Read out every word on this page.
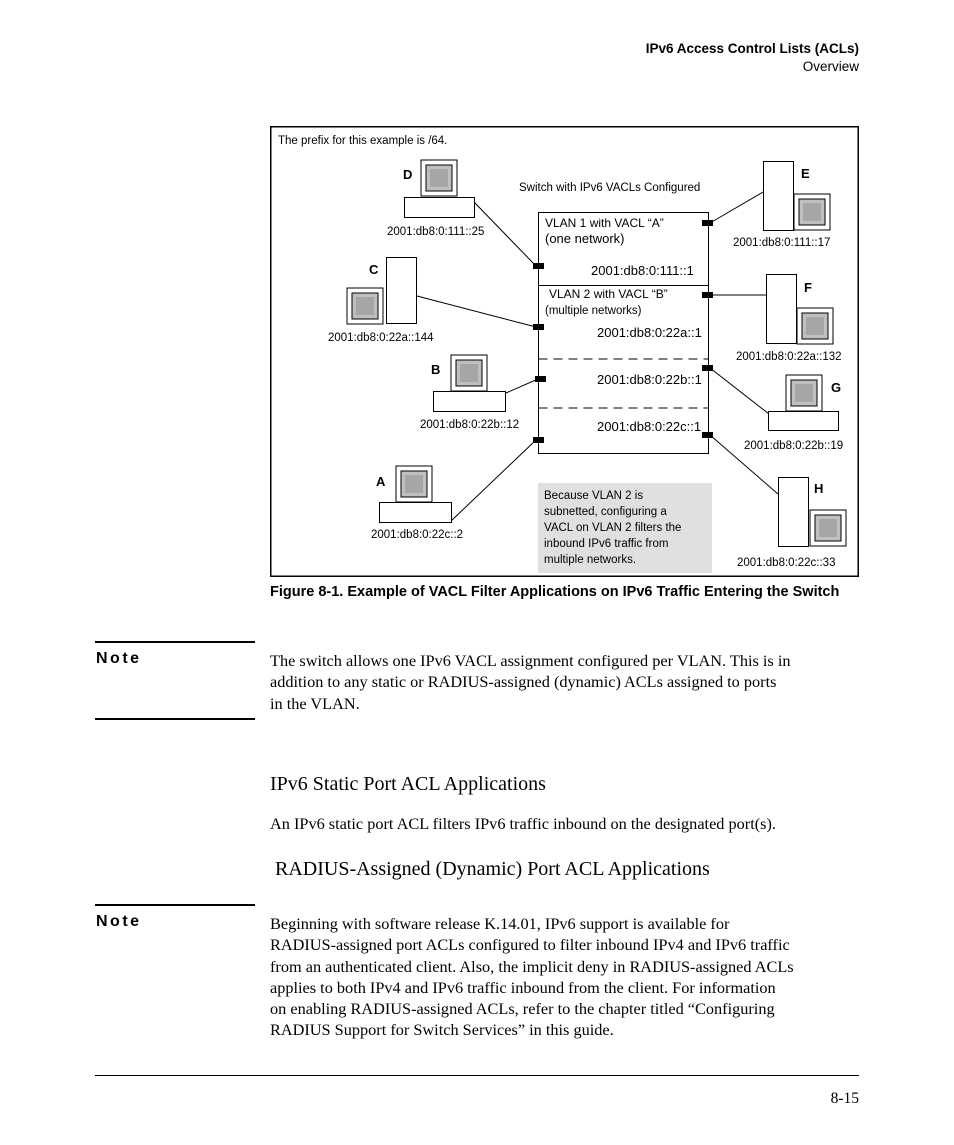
IPv6 Access Control Lists (ACLs)
Overview
The prefix for this example is /64.
Switch with IPv6 VACLs Configured
VLAN 1 with VACL “A”
(one network)
2001:db8:0:111::1
VLAN 2 with VACL “B”
(multiple networks)
2001:db8:0:22a::1
2001:db8:0:22b::1
2001:db8:0:22c::1
D
2001:db8:0:111::25
C
2001:db8:0:22a::144
B
2001:db8:0:22b::12
A
2001:db8:0:22c::2
E
2001:db8:0:111::17
F
2001:db8:0:22a::132
G
2001:db8:0:22b::19
H
2001:db8:0:22c::33
Because VLAN 2 is
subnetted, configuring a
VACL on VLAN 2 filters the
inbound IPv6 traffic from
multiple networks.
Figure 8-1. Example of VACL Filter Applications on IPv6 Traffic Entering the Switch
Note	The switch allows one IPv6 VACL assignment configured per VLAN. This is in
addition to any static or RADIUS-assigned (dynamic) ACLs assigned to ports
in the VLAN.
IPv6 Static Port ACL Applications
An IPv6 static port ACL filters IPv6 traffic inbound on the designated port(s).
RADIUS-Assigned (Dynamic) Port ACL Applications
Note	Beginning with software release K.14.01, IPv6 support is available for
RADIUS-assigned port ACLs configured to filter inbound IPv4 and IPv6 traffic
from an authenticated client. Also, the implicit deny in RADIUS-assigned ACLs
applies to both IPv4 and IPv6 traffic inbound from the client. For information
on enabling RADIUS-assigned ACLs, refer to the chapter titled “Configuring
RADIUS Support for Switch Services” in this guide.
8-15
